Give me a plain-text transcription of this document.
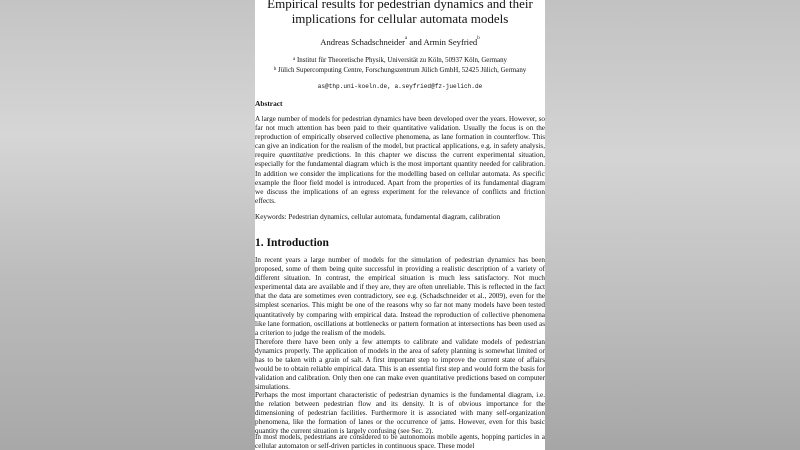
Empirical results for pedestrian dynamics and their
implications for cellular automata models
Andreas Schadschneider$^a$ and Armin Seyfried$^b$
$^a$ Institut für Theoretische Physik, Universität zu Köln, 50937 Köln, Germany
$^b$ Jülich Supercomputing Centre, Forschungszentrum Jülich GmbH, 52425 Jülich, Germany
as@thp.uni-koeln.de, a.seyfried@fz-juelich.de
Abstract

A large number of models for pedestrian dynamics have been developed over the years. However, so far not much attention has been paid to their quantitative validation. Usually the focus is on the reproduction of empirically observed collective phenomena, as lane formation in counterflow. This can give an indication for the realism of the model, but practical applications, e.g. in safety analysis, require quantitative predictions. In this chapter we discuss the current experimental situation, especially for the fundamental diagram which is the most important quantity needed for calibration. In addition we consider the implications for the modelling based on cellular automata. As specific example the floor field model is introduced. Apart from the properties of its fundamental diagram we discuss the implications of an egress experiment for the relevance of conflicts and friction effects.

Keywords: Pedestrian dynamics, cellular automata, fundamental diagram, calibration

1. Introduction

In recent years a large number of models for the simulation of pedestrian dynamics has been proposed, some of them being quite successful in providing a realistic description of a variety of different situation. In contrast, the empirical situation is much less satisfactory. Not much experimental data are available and if they are, they are often unreliable. This is reflected in the fact that the data are sometimes even contradictory, see e.g. (Schadschneider et al., 2009), even for the simplest scenarios. This might be one of the reasons why so far not many models have been tested quantitatively by comparing with empirical data. Instead the reproduction of collective phenomena like lane formation, oscillations at bottlenecks or pattern formation at intersections has been used as a criterion to judge the realism of the models.

Therefore there have been only a few attempts to calibrate and validate models of pedestrian dynamics properly. The application of models in the area of safety planning is somewhat limited or has to be taken with a grain of salt. A first important step to improve the current state of affairs would be to obtain reliable empirical data. This is an essential first step and would form the basis for validation and calibration. Only then one can make even quantitative predictions based on computer simulations.

Perhaps the most important characteristic of pedestrian dynamics is the fundamental diagram, i.e. the relation between pedestrian flow and its density. It is of obvious importance for the dimensioning of pedestrian facilities. Furthermore it is associated with many self-organization phenomena, like the formation of lanes or the occurrence of jams. However, even for this basic quantity the current situation is largely confusing (see Sec. 2).

In most models, pedestrians are considered to be autonomous mobile agents, hopping particles in a cellular automaton or self-driven particles in continuous space. These model
